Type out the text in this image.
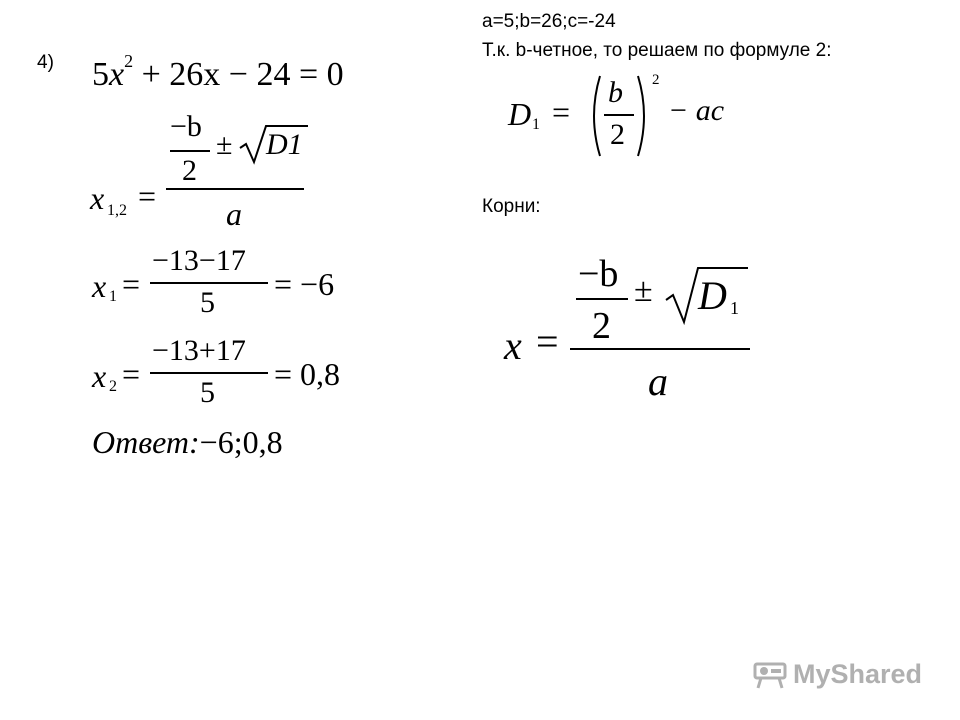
4) $5x^2 + 26x - 24 = 0$
x 1,2 =
−b
2
± D1
a
x 1 =
−13−17
5
= −6
x 2 =
−13+17
5
= 0,8
Ответ:−6;0,8
a=5;b=26;c=-24
Т.к. b-четное, то решаем по формуле 2:
D 1 =
b
2
2
− ac
Корни:
x =
−b
2
± D 1
a
MyShared
